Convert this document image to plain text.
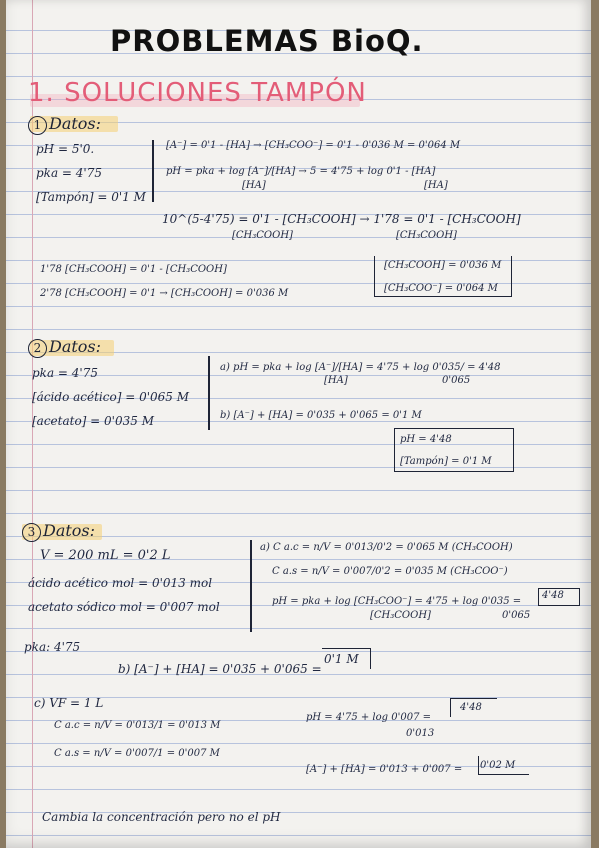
PROBLEMAS BioQ.
1. SOLUCIONES TAMPÓN
1 Datos:
pH = 5'0.
pka = 4'75
[Tampón] = 0'1 M
[A⁻] = 0'1 - [HA] → [CH₃COO⁻] = 0'1 - 0'036 M = 0'064 M
pH = pka + log [A⁻]/[HA] → 5 = 4'75 + log 0'1 - [HA]
[HA]	[HA]
10^(5-4'75) = 0'1 - [CH₃COOH] → 1'78 = 0'1 - [CH₃COOH]
[CH₃COOH]	[CH₃COOH]
1'78 [CH₃COOH] = 0'1 - [CH₃COOH]
2'78 [CH₃COOH] = 0'1 → [CH₃COOH] = 0'036 M
[CH₃COOH] = 0'036 M
[CH₃COO⁻] = 0'064 M
2 Datos:
pka = 4'75
[ácido acético] = 0'065 M
[acetato] = 0'035 M
a) pH = pka + log [A⁻]/[HA] = 4'75 + log 0'035/ = 4'48
[HA]	0'065
b) [A⁻] + [HA] = 0'035 + 0'065 = 0'1 M
pH = 4'48
[Tampón] = 0'1 M
3 Datos:
V = 200 mL = 0'2 L
ácido acético mol = 0'013 mol
acetato sódico mol = 0'007 mol
pka: 4'75
a) C a.c = n/V = 0'013/0'2 = 0'065 M (CH₃COOH)
C a.s = n/V = 0'007/0'2 = 0'035 M (CH₃COO⁻)
pH = pka + log [CH₃COO⁻] = 4'75 + log 0'035 =
[CH₃COOH]	0'065
4'48
b) [A⁻] + [HA] = 0'035 + 0'065 =
0'1 M
c) VF = 1 L
C a.c = n/V = 0'013/1 = 0'013 M
pH = 4'75 + log 0'007 =
0'013
4'48
C a.s = n/V = 0'007/1 = 0'007 M
[A⁻] + [HA] = 0'013 + 0'007 = 0'02 M
Cambia la concentración pero no el pH
